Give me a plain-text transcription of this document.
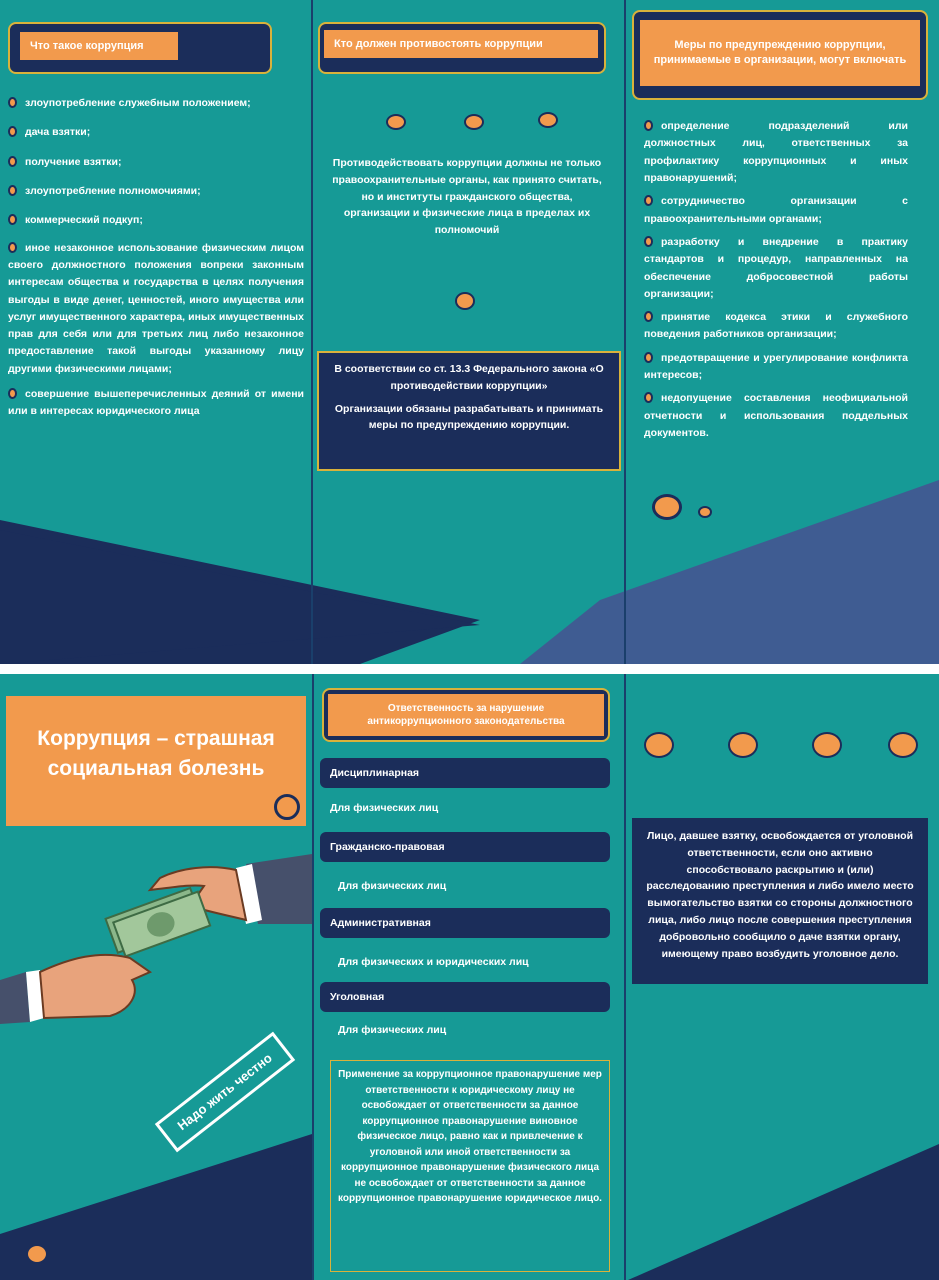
Что такое коррупция

злоупотребление служебным положением;

дача взятки;

получение взятки;

злоупотребление полномочиями;

коммерческий подкуп;

иное незаконное использование физическим лицом своего должностного положения вопреки законным интересам общества и государства в целях получения выгоды в виде денег, ценностей, иного имущества или услуг имущественного характера, иных имущественных прав для себя или для третьих лиц либо незаконное предоставление такой выгоды указанному лицу другими физическими лицами;

совершение вышеперечисленных деяний от имени или в интересах юридического лица

Кто должен противостоять коррупции
Противодействовать коррупции должны не только правоохранительные органы, как принято считать, но и институты гражданского общества, организации и физические лица в пределах их полномочий

В соответствии со ст. 13.3 Федерального закона «О противодействии коррупции»

Организации обязаны разрабатывать и принимать меры по предупреждению коррупции.

Меры по предупреждению коррупции, принимаемые в организации, могут включать

определение подразделений или должностных лиц, ответственных за профилактику коррупционных и иных правонарушений;

сотрудничество организации с правоохранительными органами;

разработку и внедрение в практику стандартов и процедур, направленных на обеспечение добросовестной работы организации;

принятие кодекса этики и служебного поведения работников организации;

предотвращение и урегулирование конфликта интересов;

недопущение составления неофициальной отчетности и использования поддельных документов.

Коррупция – страшная социальная болезнь
Надо жить честно
Ответственность за нарушение антикоррупционного законодательства
Дисциплинарная
Для физических лиц
Гражданско-правовая
Для физических лиц
Административная
Для физических и юридических лиц
Уголовная
Для физических лиц
Применение за коррупционное правонарушение мер ответственности к юридическому лицу не освобождает от ответственности за данное коррупционное правонарушение виновное физическое лицо, равно как и привлечение к уголовной или иной ответственности за коррупционное правонарушение физического лица не освобождает от ответственности за данное коррупционное правонарушение юридическое лицо.
Лицо, давшее взятку, освобождается от уголовной ответственности, если оно активно способствовало раскрытию и (или) расследованию преступления и либо имело место вымогательство взятки со стороны должностного лица, либо лицо после совершения преступления добровольно сообщило о даче взятки органу, имеющему право возбудить уголовное дело.
